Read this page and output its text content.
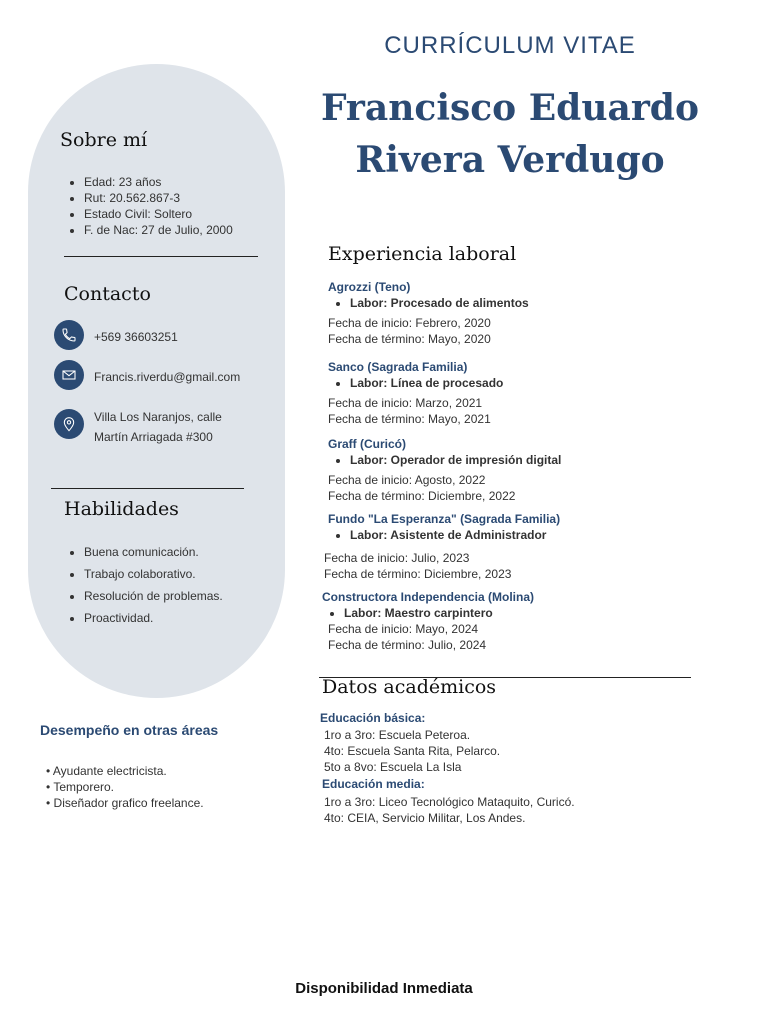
Sobre mí
• Edad: 23 años
• Rut: 20.562.867-3
• Estado Civil: Soltero
• F. de Nac: 27 de Julio, 2000
Contacto
+569 36603251
Francis.riverdu@gmail.com
Villa Los Naranjos, calle
Martín Arriagada #300
Habilidades
• Buena comunicación.
• Trabajo colaborativo.
• Resolución de problemas.
• Proactividad.
Desempeño en otras áreas
• Ayudante electricista.
• Temporero.
• Diseñador grafico freelance.
CURRÍCULUM VITAE
Francisco Eduardo
Rivera Verdugo
Experiencia laboral
Agrozzi (Teno)
• Labor: Procesado de alimentos
Fecha de inicio: Febrero, 2020
Fecha de término: Mayo, 2020
Sanco (Sagrada Familia)
• Labor: Línea de procesado
Fecha de inicio: Marzo, 2021
Fecha de término: Mayo, 2021
Graff (Curicó)
• Labor: Operador de impresión digital
Fecha de inicio: Agosto, 2022
Fecha de término: Diciembre, 2022
Fundo "La Esperanza" (Sagrada Familia)
• Labor: Asistente de Administrador
Fecha de inicio: Julio, 2023
Fecha de término: Diciembre, 2023
Constructora Independencia (Molina)
• Labor: Maestro carpintero
Fecha de inicio: Mayo, 2024
Fecha de término: Julio, 2024
Datos académicos
Educación básica:
1ro a 3ro: Escuela Peteroa.
4to: Escuela Santa Rita, Pelarco.
5to a 8vo: Escuela La Isla
Educación media:
1ro a 3ro: Liceo Tecnológico Mataquito, Curicó.
4to: CEIA, Servicio Militar, Los Andes.
Disponibilidad Inmediata
